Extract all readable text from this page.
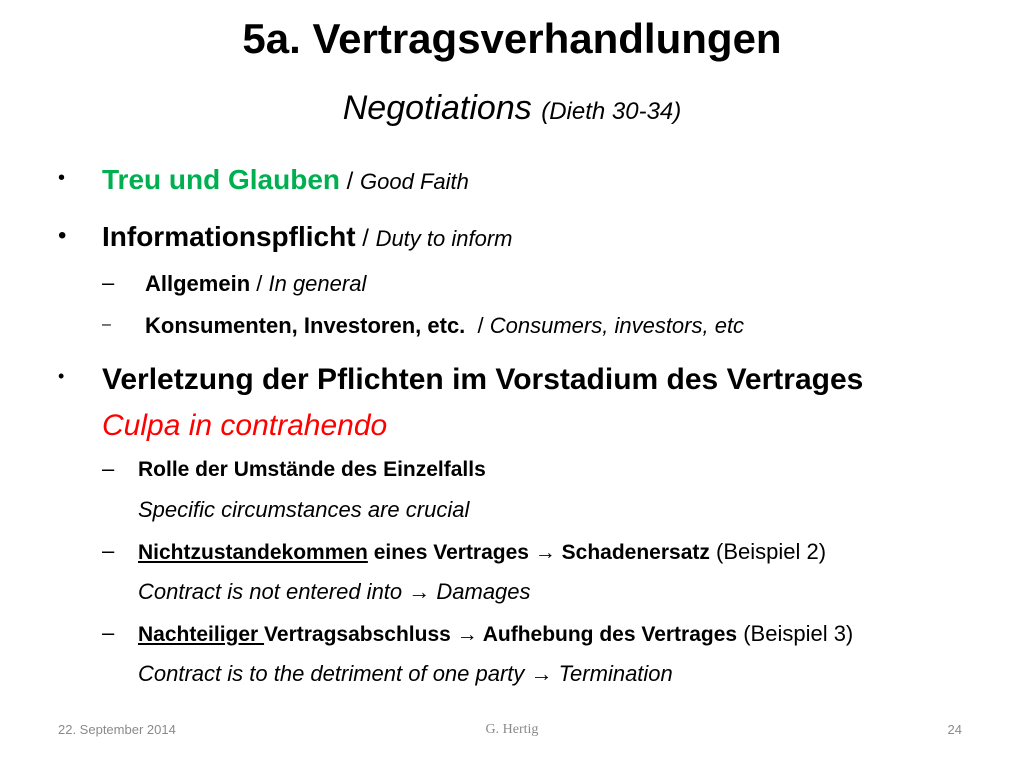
5a. Vertragsverhandlungen
Negotiations (Dieth 30-34)
• Treu und Glauben / Good Faith
• Informationspflicht / Duty to inform
– Allgemein / In general
– Konsumenten, Investoren, etc.  / Consumers, investors, etc
• Verletzung der Pflichten im Vorstadium des Vertrages
Culpa in contrahendo
– Rolle der Umstände des Einzelfalls
Specific circumstances are crucial
– Nichtzustandekommen eines Vertrages → Schadenersatz (Beispiel 2)
Contract is not entered into → Damages
– Nachteiliger Vertragsabschluss → Aufhebung des Vertrages (Beispiel 3)
Contract is to the detriment of one party → Termination
22. September 2014	G. Hertig	24
